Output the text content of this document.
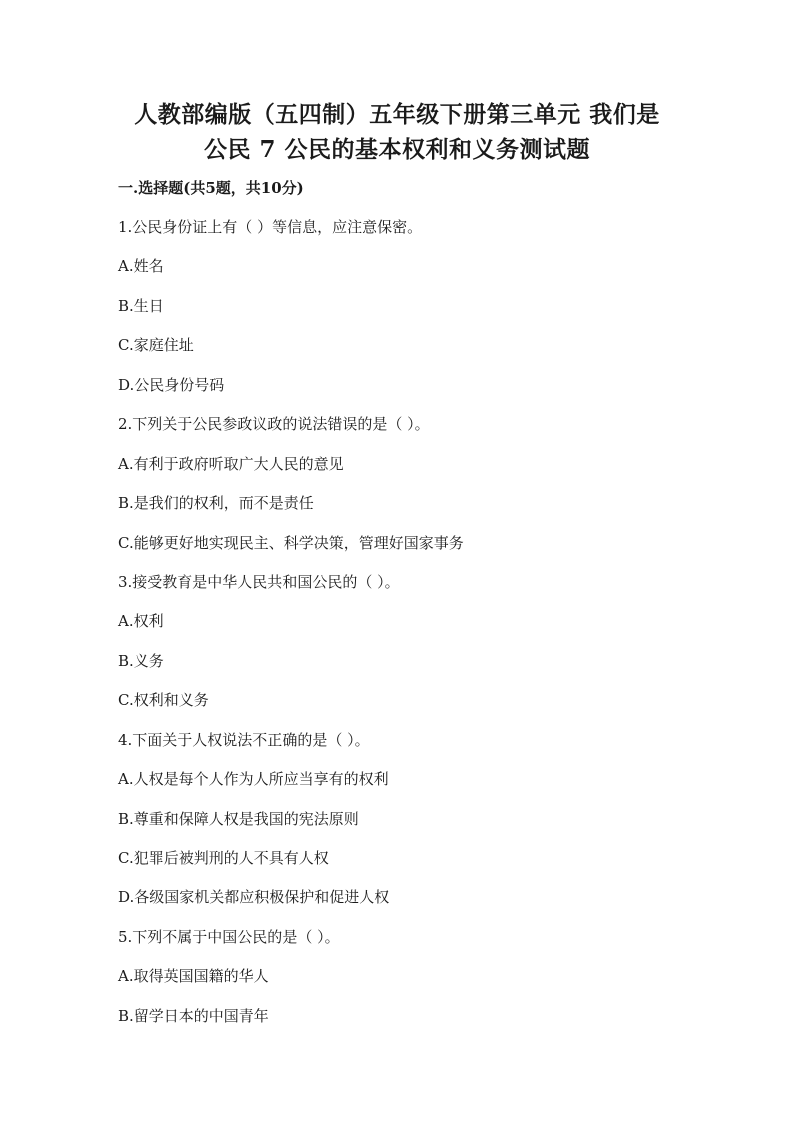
人教部编版（五四制）五年级下册第三单元 我们是
公民 7 公民的基本权利和义务测试题
一.选择题(共5题，共10分)
1.公民身份证上有（ ）等信息，应注意保密。
A.姓名
B.生日
C.家庭住址
D.公民身份号码
2.下列关于公民参政议政的说法错误的是（ ）。
A.有利于政府听取广大人民的意见
B.是我们的权利，而不是责任
C.能够更好地实现民主、科学决策，管理好国家事务
3.接受教育是中华人民共和国公民的（ ）。
A.权利
B.义务
C.权利和义务
4.下面关于人权说法不正确的是（ ）。
A.人权是每个人作为人所应当享有的权利
B.尊重和保障人权是我国的宪法原则
C.犯罪后被判刑的人不具有人权
D.各级国家机关都应积极保护和促进人权
5.下列不属于中国公民的是（ ）。
A.取得英国国籍的华人
B.留学日本的中国青年
